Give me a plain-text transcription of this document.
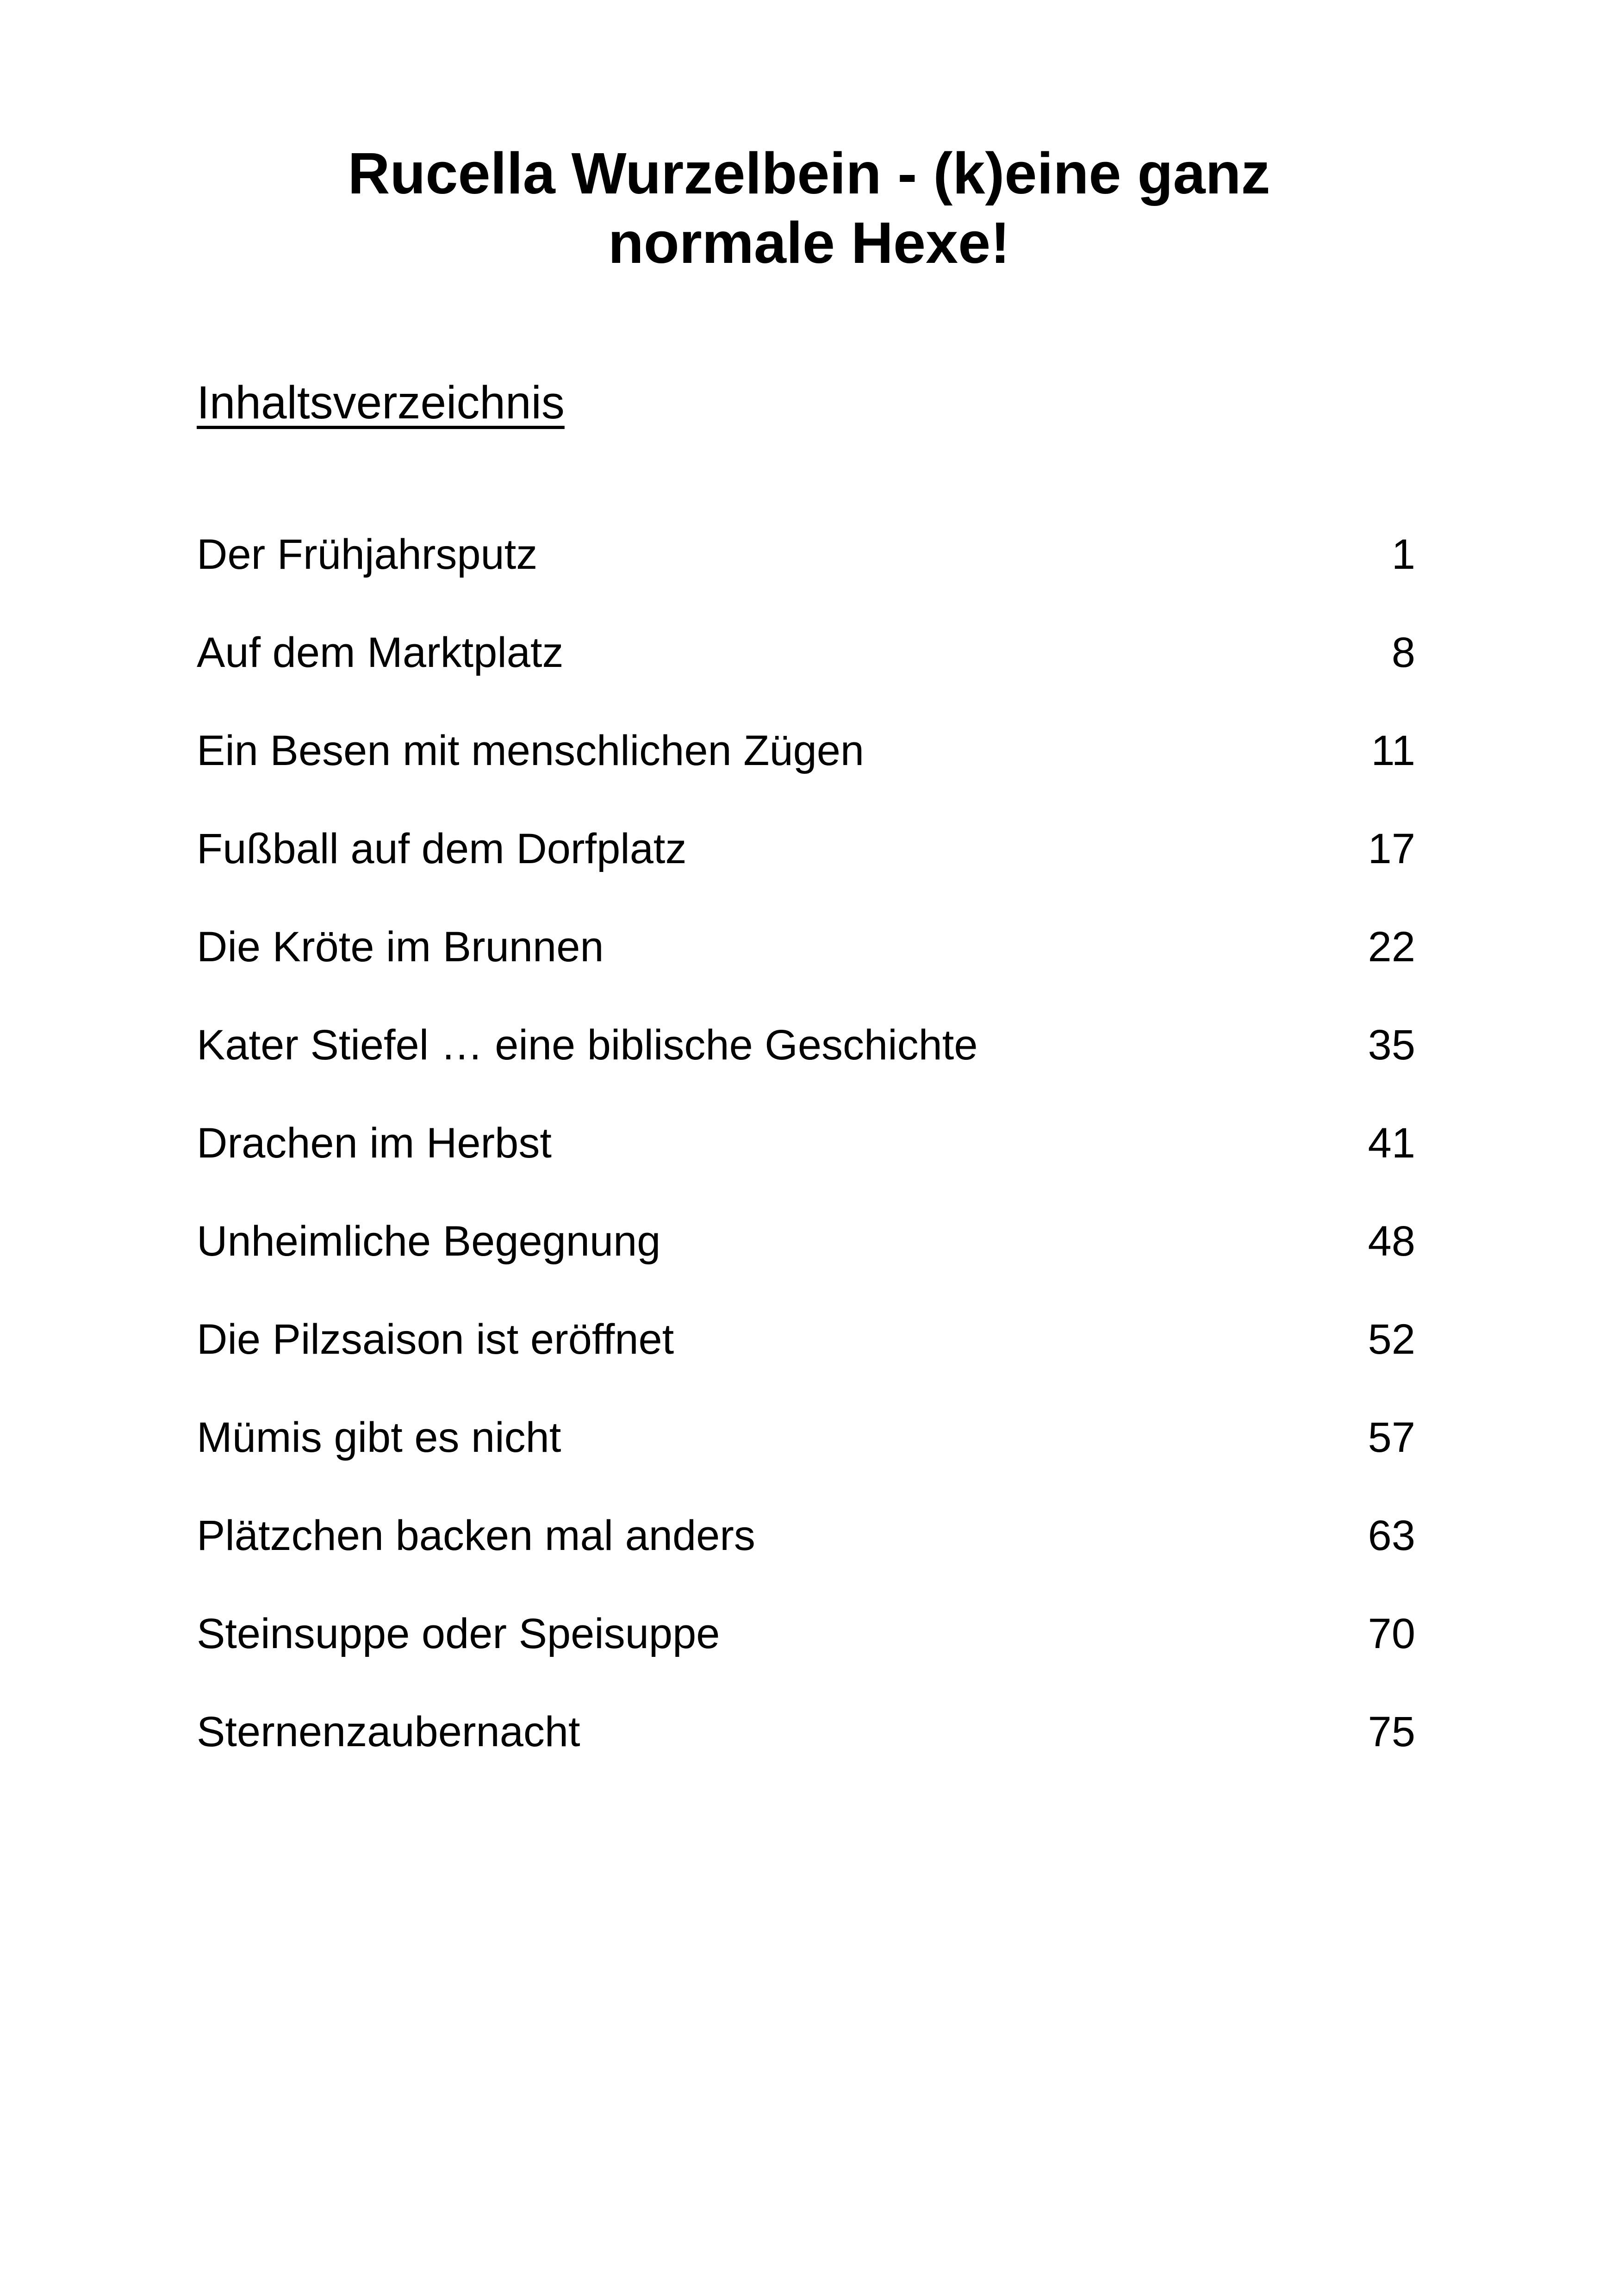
Rucella Wurzelbein - (k)eine ganz
normale Hexe!
Inhaltsverzeichnis
Der Frühjahrsputz	1
Auf dem Marktplatz	8
Ein Besen mit menschlichen Zügen	11
Fußball auf dem Dorfplatz	17
Die Kröte im Brunnen	22
Kater Stiefel … eine biblische Geschichte	35
Drachen im Herbst	41
Unheimliche Begegnung	48
Die Pilzsaison ist eröffnet	52
Mümis gibt es nicht	57
Plätzchen backen mal anders	63
Steinsuppe oder Speisuppe	70
Sternenzaubernacht	75
